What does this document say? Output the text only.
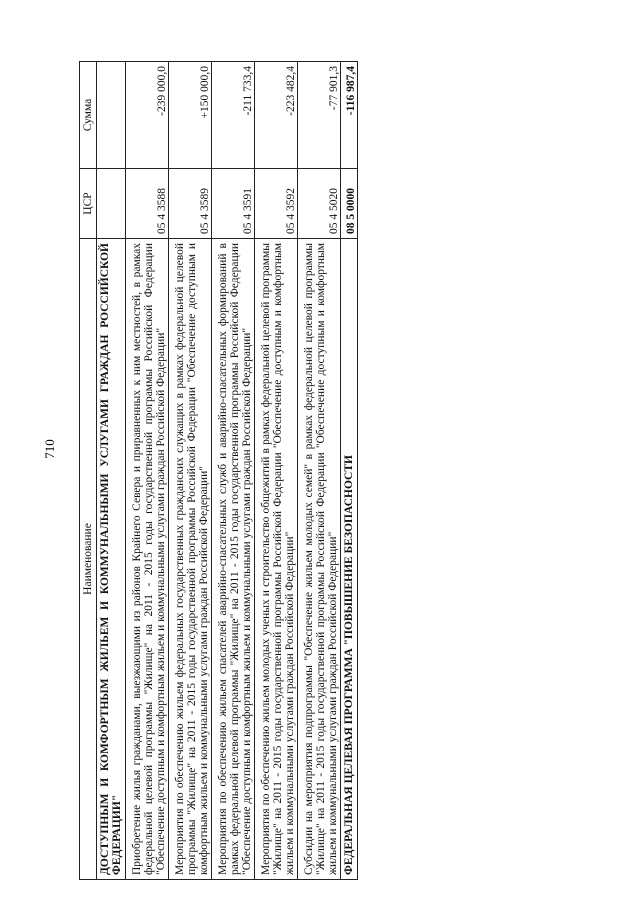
710
Наименование	ЦСР	Сумма
ДОСТУПНЫМ И КОМФОРТНЫМ ЖИЛЬЕМ И КОММУНАЛЬНЫМИ УСЛУГАМИ ГРАЖДАН РОССИЙСКОЙ ФЕДЕРАЦИИ"		
Приобретение жилья гражданами, выезжающими из районов Крайнего Севера и приравненных к ним местностей, в рамках федеральной целевой программы "Жилище" на 2011 - 2015 годы государственной программы Российской Федерации "Обеспечение доступным и комфортным жильем и коммунальными услугами граждан Российской Федерации"	05 4 3588	-239 000,0
Мероприятия по обеспечению жильем федеральных государственных гражданских служащих в рамках федеральной целевой программы "Жилище" на 2011 - 2015 годы государственной программы Российской Федерации "Обеспечение доступным и комфортным жильем и коммунальными услугами граждан Российской Федерации"	05 4 3589	+150 000,0
Мероприятия по обеспечению жильем спасателей аварийно-спасательных служб и аварийно-спасательных формирований в рамках федеральной целевой программы "Жилище" на 2011 - 2015 годы государственной программы Российской Федерации "Обеспечение доступным и комфортным жильем и коммунальными услугами граждан Российской Федерации"	05 4 3591	-211 733,4
Мероприятия по обеспечению жильем молодых ученых и строительство общежитий в рамках федеральной целевой программы "Жилище" на 2011 - 2015 годы государственной программы Российской Федерации "Обеспечение доступным и комфортным жильем и коммунальными услугами граждан Российской Федерации"	05 4 3592	-223 482,4
Субсидии на мероприятия подпрограммы "Обеспечение жильем молодых семей" в рамках федеральной целевой программы "Жилище" на 2011 - 2015 годы государственной программы Российской Федерации "Обеспечение доступным и комфортным жильем и коммунальными услугами граждан Российской Федерации"	05 4 5020	-77 901,3
ФЕДЕРАЛЬНАЯ ЦЕЛЕВАЯ ПРОГРАММА "ПОВЫШЕНИЕ БЕЗОПАСНОСТИ	08 5 0000	-116 987,4
